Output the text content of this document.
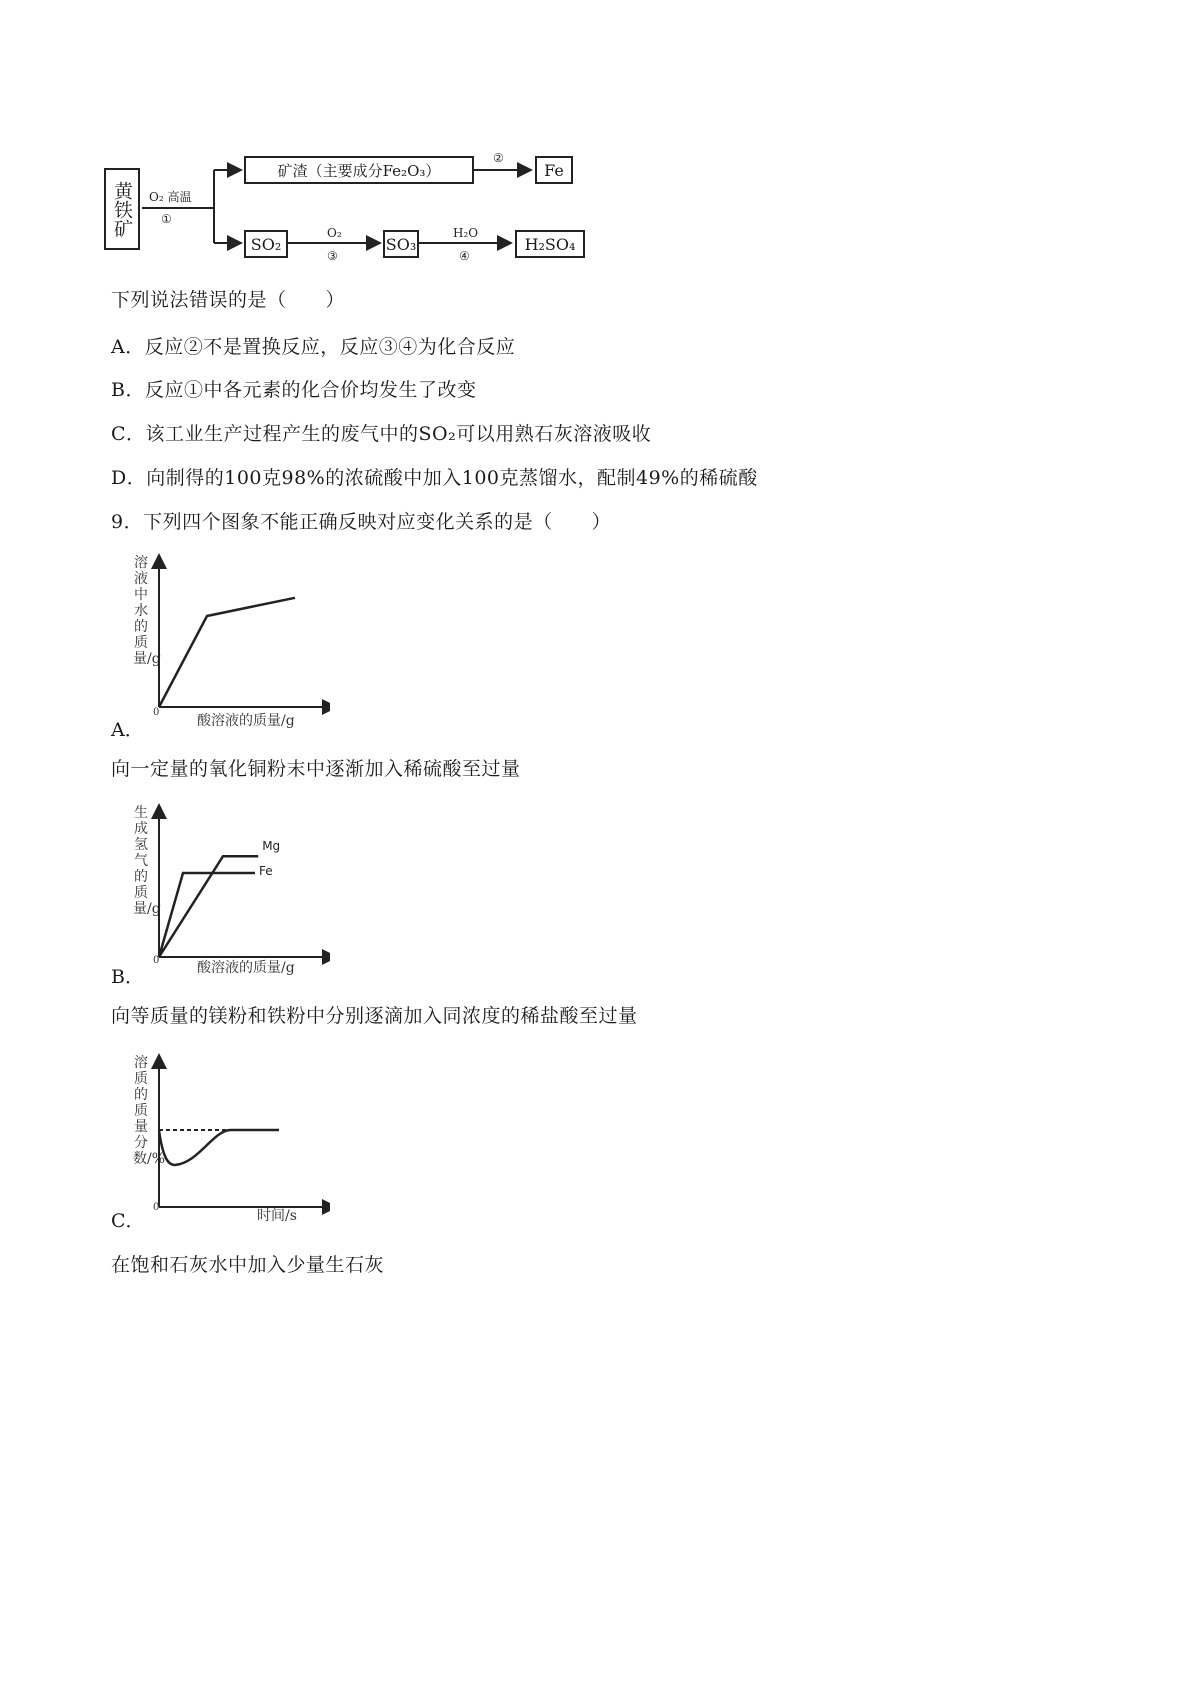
黄铁矿	O₂ 高温
①
矿渣（主要成分Fe₂O₃）
②
Fe
SO₂
O₂
③
SO₃
H₂O
④
H₂SO₄
下列说法错误的是（　　）
A．反应②不是置换反应，反应③④为化合反应
B．反应①中各元素的化合价均发生了改变
C．该工业生产过程产生的废气中的SO₂可以用熟石灰溶液吸收
D．向制得的100克98%的浓硫酸中加入100克蒸馏水，配制49%的稀硫酸
9．下列四个图象不能正确反映对应变化关系的是（　　）
溶液中水的质量/g
0
酸溶液的质量/g
A．
向一定量的氧化铜粉末中逐渐加入稀硫酸至过量
生成氢气的质量/g
Mg
Fe
0	酸溶液的质量/g
B．
向等质量的镁粉和铁粉中分别逐滴加入同浓度的稀盐酸至过量
溶质的质量分数/%
0
时间/s
C．
在饱和石灰水中加入少量生石灰
